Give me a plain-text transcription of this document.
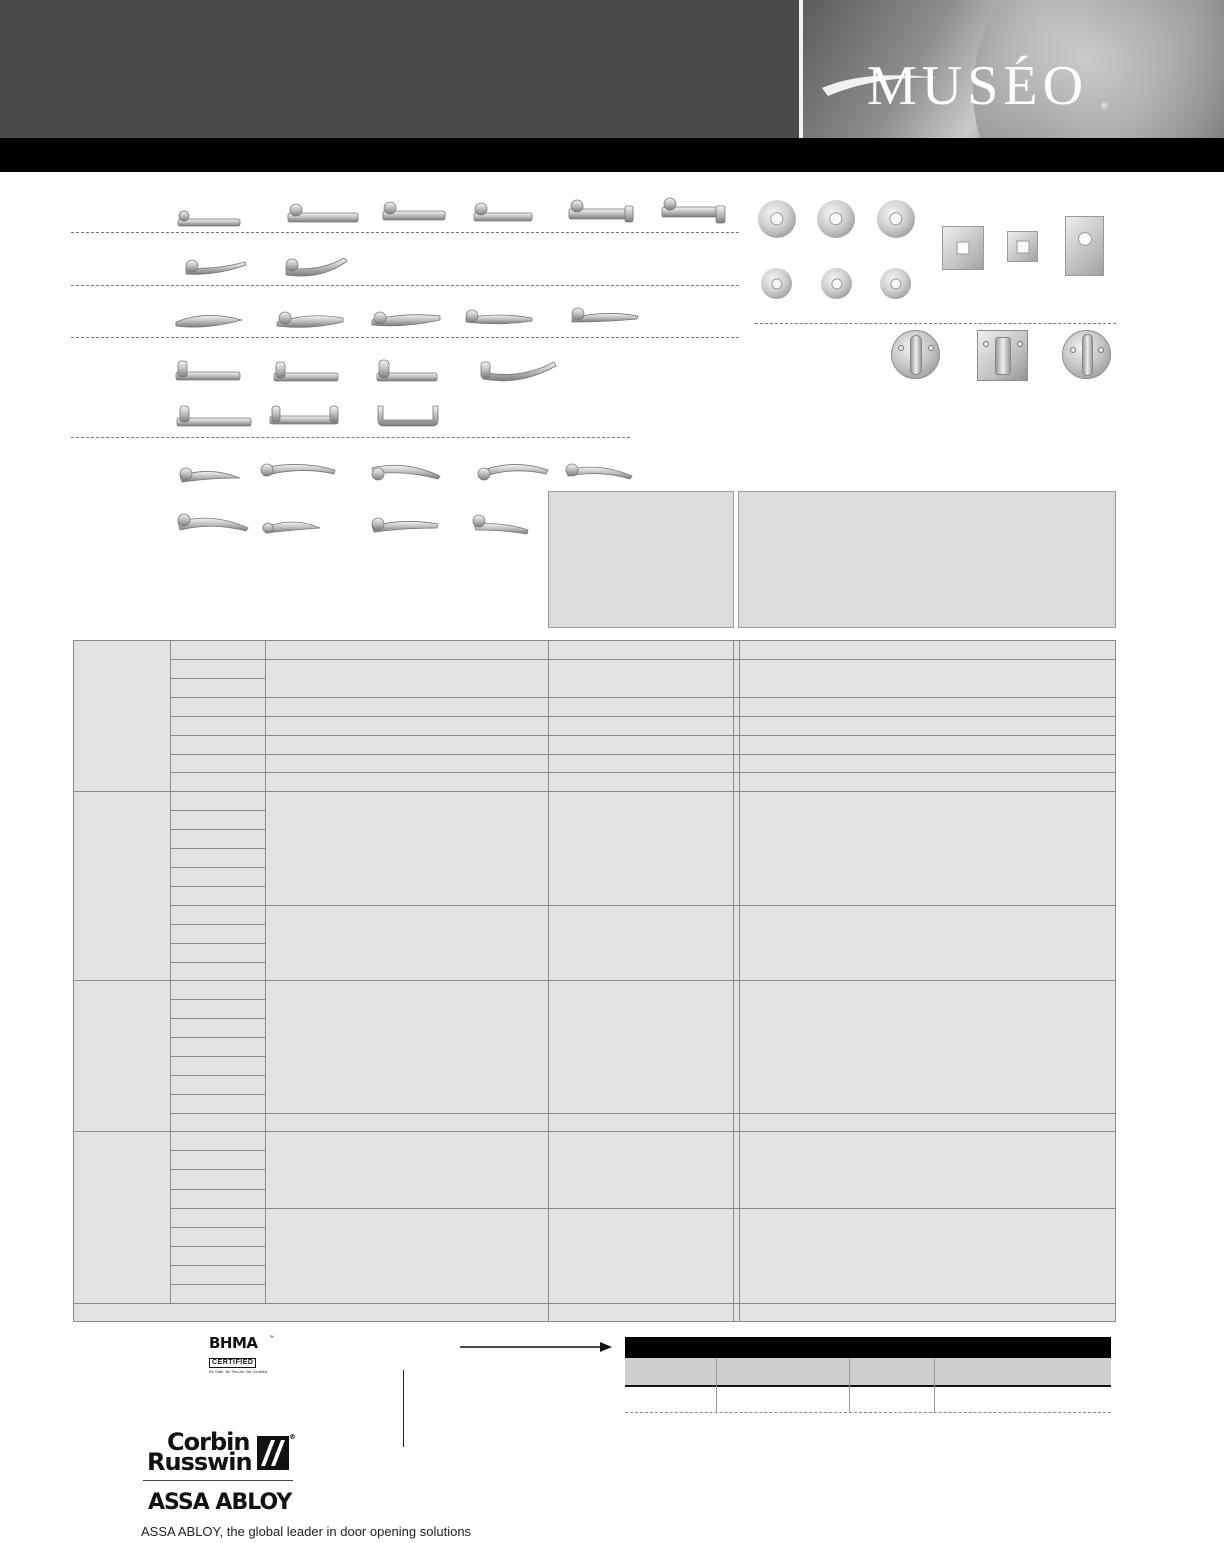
MUSÉO ®
BHMA
CERTIFIED
Be Safe. Be Secure. Be Certified.
™
Corbin
Russwin
®
ASSA ABLOY
ASSA ABLOY, the global leader in door opening solutions
